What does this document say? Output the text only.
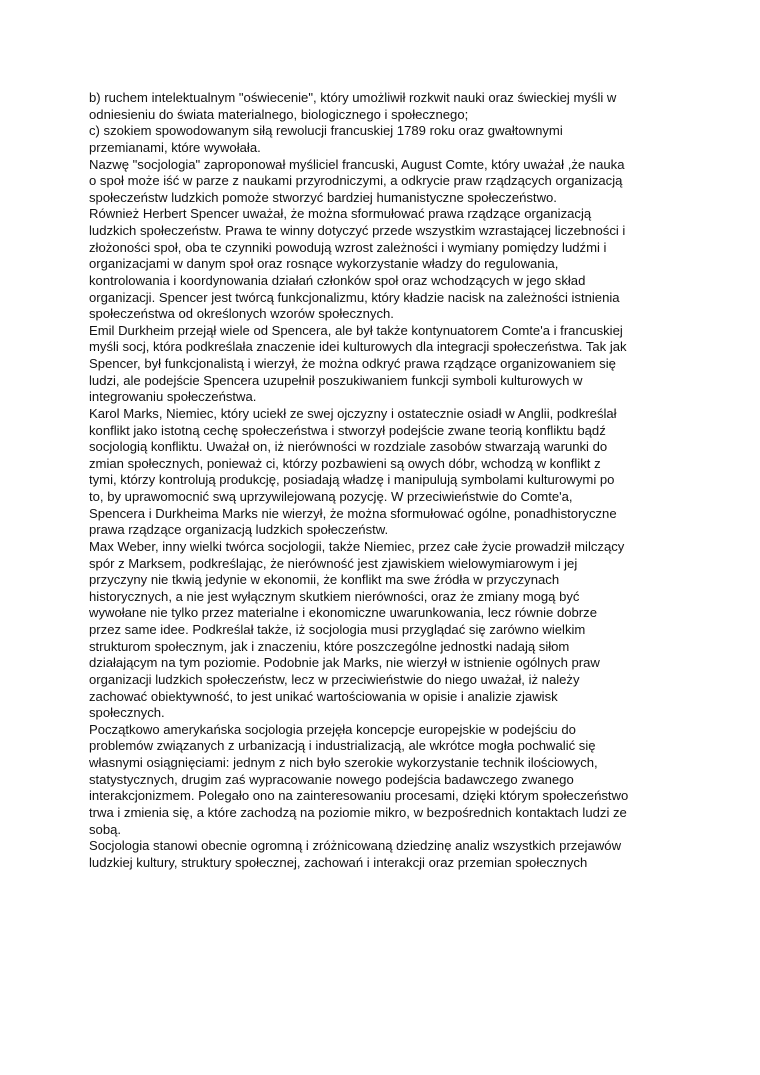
b) ruchem intelektualnym "oświecenie", który umożliwił rozkwit nauki oraz świeckiej myśli w
odniesieniu do świata materialnego, biologicznego i społecznego;
c) szokiem spowodowanym siłą rewolucji francuskiej 1789 roku oraz gwałtownymi
przemianami, które wywołała.
Nazwę "socjologia" zaproponował myśliciel francuski, August Comte, który uważał ,że nauka
o społ może iść w parze z naukami przyrodniczymi, a odkrycie praw rządzących organizacją
społeczeństw ludzkich pomoże stworzyć bardziej humanistyczne społeczeństwo.
Również Herbert Spencer uważał, że można sformułować prawa rządzące organizacją
ludzkich społeczeństw. Prawa te winny dotyczyć przede wszystkim wzrastającej liczebności i
złożoności społ, oba te czynniki powodują wzrost zależności i wymiany pomiędzy ludźmi i
organizacjami w danym społ oraz rosnące wykorzystanie władzy do regulowania,
kontrolowania i koordynowania działań członków społ oraz wchodzących w jego skład
organizacji. Spencer jest twórcą funkcjonalizmu, który kładzie nacisk na zależności istnienia
społeczeństwa od określonych wzorów społecznych.
Emil Durkheim przejął wiele od Spencera, ale był także kontynuatorem Comte'a i francuskiej
myśli socj, która podkreślała znaczenie idei kulturowych dla integracji społeczeństwa. Tak jak
Spencer, był funkcjonalistą i wierzył, że można odkryć prawa rządzące organizowaniem się
ludzi, ale podejście Spencera uzupełnił poszukiwaniem funkcji symboli kulturowych w
integrowaniu społeczeństwa.
Karol Marks, Niemiec, który uciekł ze swej ojczyzny i ostatecznie osiadł w Anglii, podkreślał
konflikt jako istotną cechę społeczeństwa i stworzył podejście zwane teorią konfliktu bądź
socjologią konfliktu. Uważał on, iż nierówności w rozdziale zasobów stwarzają warunki do
zmian społecznych, ponieważ ci, którzy pozbawieni są owych dóbr, wchodzą w konflikt z
tymi, którzy kontrolują produkcję, posiadają władzę i manipulują symbolami kulturowymi po
to, by uprawomocnić swą uprzywilejowaną pozycję. W przeciwieństwie do Comte'a,
Spencera i Durkheima Marks nie wierzył, że można sformułować ogólne, ponadhistoryczne
prawa rządzące organizacją ludzkich społeczeństw.
Max Weber, inny wielki twórca socjologii, także Niemiec, przez całe życie prowadził milczący
spór z Marksem, podkreślając, że nierówność jest zjawiskiem wielowymiarowym i jej
przyczyny nie tkwią jedynie w ekonomii, że konflikt ma swe źródła w przyczynach
historycznych, a nie jest wyłącznym skutkiem nierówności, oraz że zmiany mogą być
wywołane nie tylko przez materialne i ekonomiczne uwarunkowania, lecz równie dobrze
przez same idee. Podkreślał także, iż socjologia musi przyglądać się zarówno wielkim
strukturom społecznym, jak i znaczeniu, które poszczególne jednostki nadają siłom
działającym na tym poziomie. Podobnie jak Marks, nie wierzył w istnienie ogólnych praw
organizacji ludzkich społeczeństw, lecz w przeciwieństwie do niego uważał, iż należy
zachować obiektywność, to jest unikać wartościowania w opisie i analizie zjawisk
społecznych.
Początkowo amerykańska socjologia przejęła koncepcje europejskie w podejściu do
problemów związanych z urbanizacją i industrializacją, ale wkrótce mogła pochwalić się
własnymi osiągnięciami: jednym z nich było szerokie wykorzystanie technik ilościowych,
statystycznych, drugim zaś wypracowanie nowego podejścia badawczego zwanego
interakcjonizmem. Polegało ono na zainteresowaniu procesami, dzięki którym społeczeństwo
trwa i zmienia się, a które zachodzą na poziomie mikro, w bezpośrednich kontaktach ludzi ze
sobą.
Socjologia stanowi obecnie ogromną i zróżnicowaną dziedzinę analiz wszystkich przejawów
ludzkiej kultury, struktury społecznej, zachowań i interakcji oraz przemian społecznych
